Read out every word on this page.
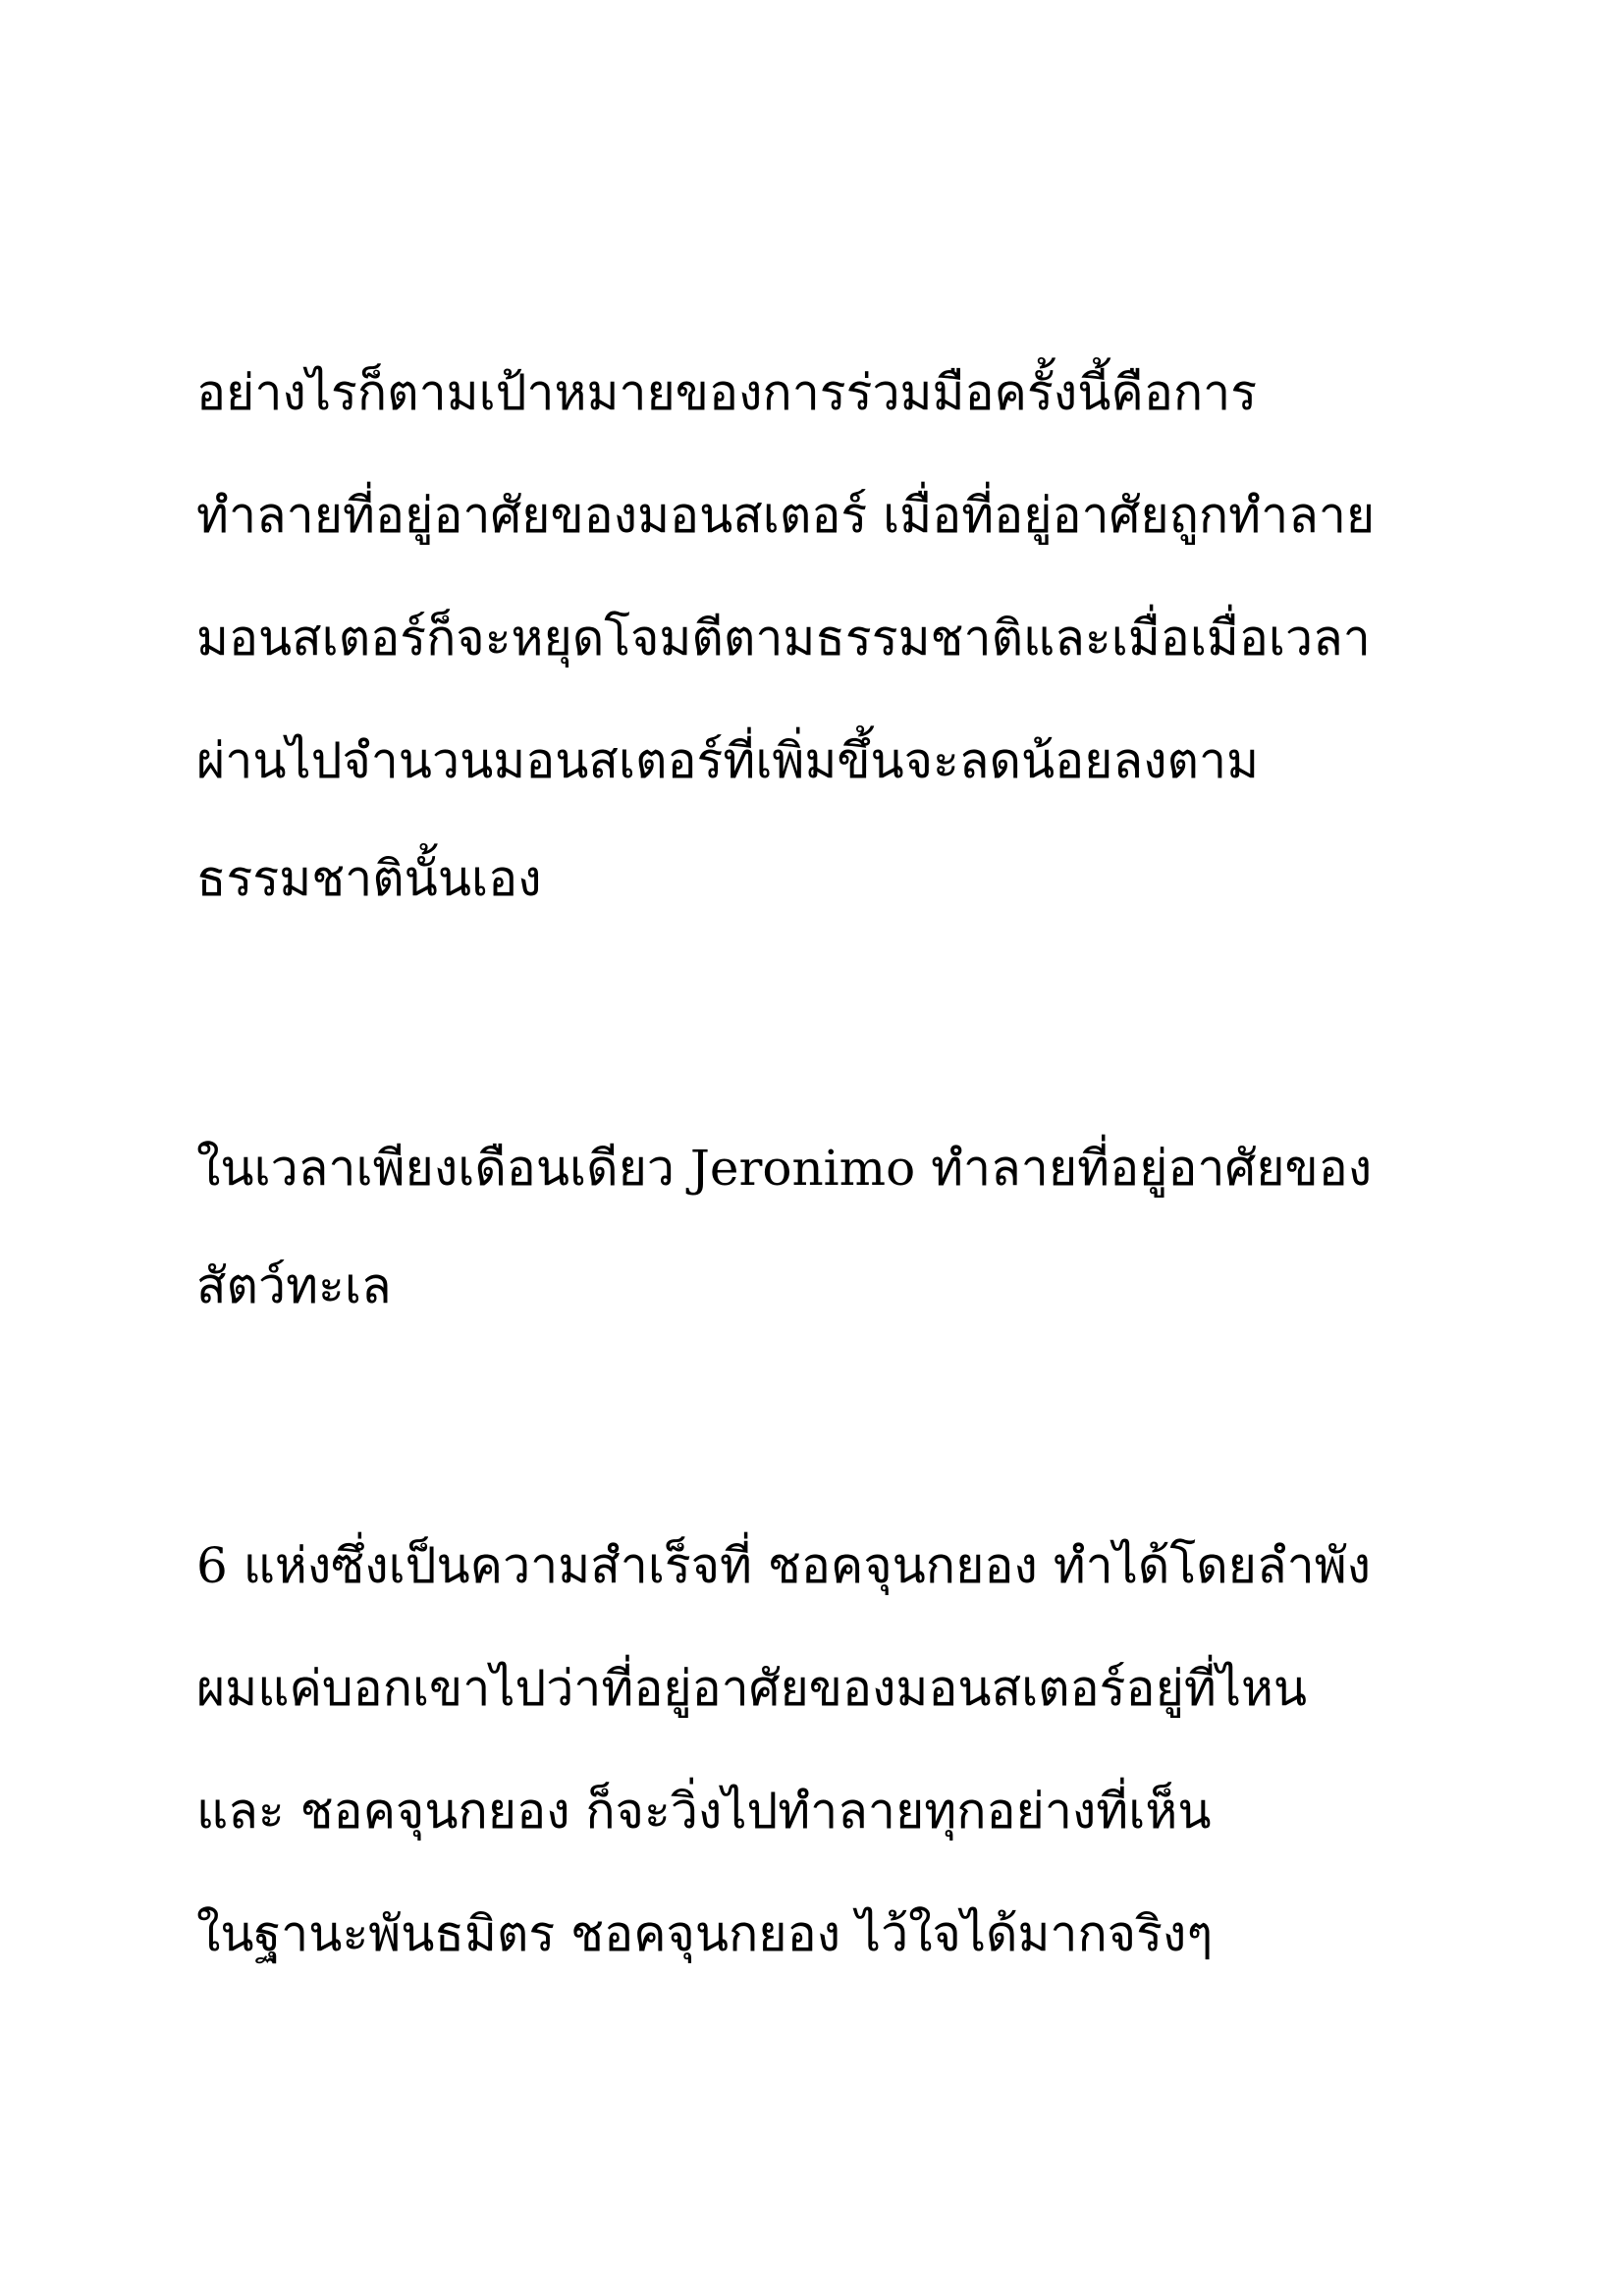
อย่างไรก็ตามเป้าหมายของการร่วมมือครั้งนี้คือการ

ทำลายที่อยู่อาศัยของมอนสเตอร์ เมื่อที่อยู่อาศัยถูกทำลาย

มอนสเตอร์ก็จะหยุดโจมตีตามธรรมชาติและเมื่อเมื่อเวลา

ผ่านไปจำนวนมอนสเตอร์ที่เพิ่มขึ้นจะลดน้อยลงตาม

ธรรมชาตินั้นเอง

ในเวลาเพียงเดือนเดียว Jeronimo ทำลายที่อยู่อาศัยของ

สัตว์ทะเล

6 แห่งซึ่งเป็นความสำเร็จที่ ชอคจุนกยอง ทำได้โดยลำพัง

ผมแค่บอกเขาไปว่าที่อยู่อาศัยของมอนสเตอร์อยู่ที่ไหน

และ ชอคจุนกยอง ก็จะวิ่งไปทำลายทุกอย่างที่เห็น

ในฐานะพันธมิตร ชอคจุนกยอง ไว้ใจได้มากจริงๆ
